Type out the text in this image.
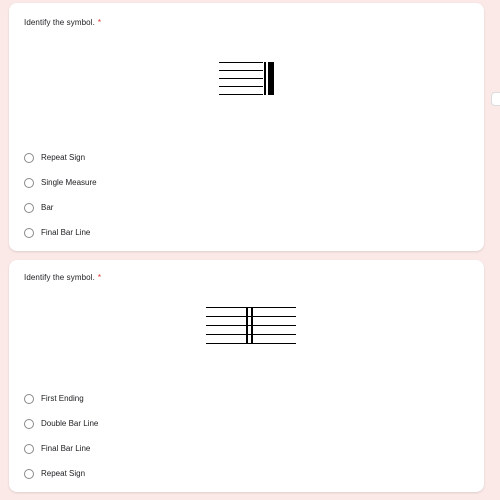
Identify the symbol. *
Repeat Sign
Single Measure
Bar
Final Bar Line
Identify the symbol. *
First Ending
Double Bar Line
Final Bar Line
Repeat Sign
